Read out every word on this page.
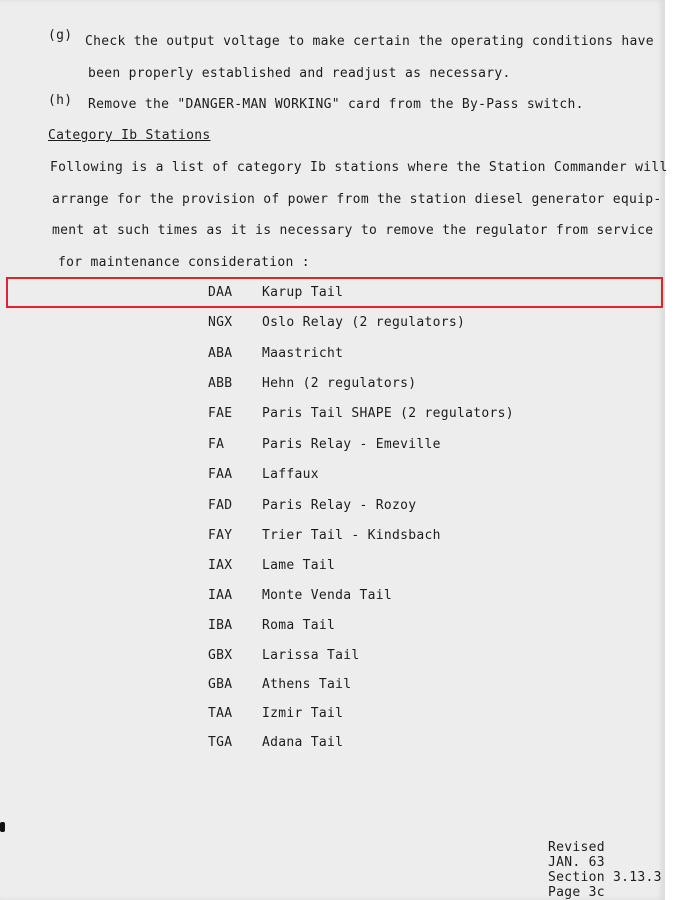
(g) Check the output voltage to make certain the operating conditions have
been properly established and readjust as necessary.
(h) Remove the "DANGER-MAN WORKING" card from the By-Pass switch.
Category Ib Stations
Following is a list of category Ib stations where the Station Commander will
arrange for the provision of power from the station diesel generator equip-
ment at such times as it is necessary to remove the regulator from service
for maintenance consideration :
DAA Karup Tail
NGX Oslo Relay (2 regulators)
ABA Maastricht
ABB Hehn (2 regulators)
FAE Paris Tail SHAPE (2 regulators)
FA	Paris Relay - Emeville
FAA Laffaux
FAD Paris Relay - Rozoy
FAY Trier Tail - Kindsbach
IAX Lame Tail
IAA Monte Venda Tail
IBA Roma Tail
GBX Larissa Tail
GBA Athens Tail
TAA Izmir Tail
TGA Adana Tail
Revised
JAN. 63
Section 3.13.3
Page 3c
